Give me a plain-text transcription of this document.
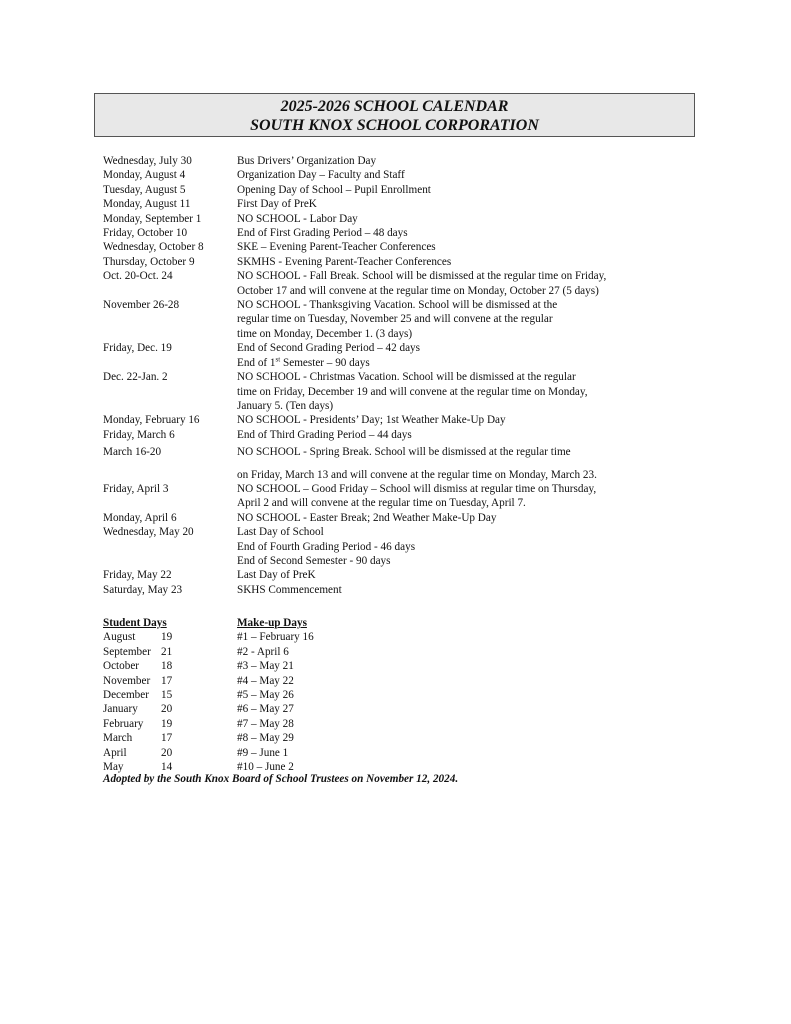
2025-2026 SCHOOL CALENDAR
SOUTH KNOX SCHOOL CORPORATION
Wednesday, July 30	Bus Drivers’ Organization Day
Monday, August 4	Organization Day – Faculty and Staff
Tuesday, August 5	Opening Day of School – Pupil Enrollment
Monday, August 11	First Day of PreK
Monday, September 1	NO SCHOOL - Labor Day
Friday, October 10	End of First Grading Period – 48 days
Wednesday, October 8	SKE – Evening Parent-Teacher Conferences
Thursday, October 9	SKMHS - Evening Parent-Teacher Conferences
Oct. 20-Oct. 24	NO SCHOOL - Fall Break. School will be dismissed at the regular time on Friday,
October 17 and will convene at the regular time on Monday, October 27 (5 days)
November 26-28	NO SCHOOL - Thanksgiving Vacation. School will be dismissed at the
regular time on Tuesday, November 25 and will convene at the regular
time on Monday, December 1. (3 days)
Friday, Dec. 19	End of Second Grading Period – 42 days
End of 1st Semester – 90 days
Dec. 22-Jan. 2	NO SCHOOL - Christmas Vacation. School will be dismissed at the regular
time on Friday, December 19 and will convene at the regular time on Monday,
January 5. (Ten days)
Monday, February 16	NO SCHOOL - Presidents’ Day; 1st Weather Make-Up Day
Friday, March 6	End of Third Grading Period – 44 days
March 16-20	NO SCHOOL - Spring Break. School will be dismissed at the regular time
on Friday, March 13 and will convene at the regular time on Monday, March 23.
Friday, April 3	NO SCHOOL – Good Friday – School will dismiss at regular time on Thursday,
April 2 and will convene at the regular time on Tuesday, April 7.
Monday, April 6	NO SCHOOL - Easter Break; 2nd Weather Make-Up Day
Wednesday, May 20	Last Day of School
End of Fourth Grading Period - 46 days
End of Second Semester - 90 days
Friday, May 22	Last Day of PreK
Saturday, May 23	SKHS Commencement
Student Days	Make-up Days
August	19	#1 – February 16
September 21	#2 - April 6
October	18	#3 – May 21
November 17	#4 – May 22
December	15	#5 – May 26
January	20	#6 – May 27
February	19	#7 – May 28
March	17	#8 – May 29
April	20	#9 – June 1
May	14	#10 – June 2
Adopted by the South Knox Board of School Trustees on November 12, 2024.
